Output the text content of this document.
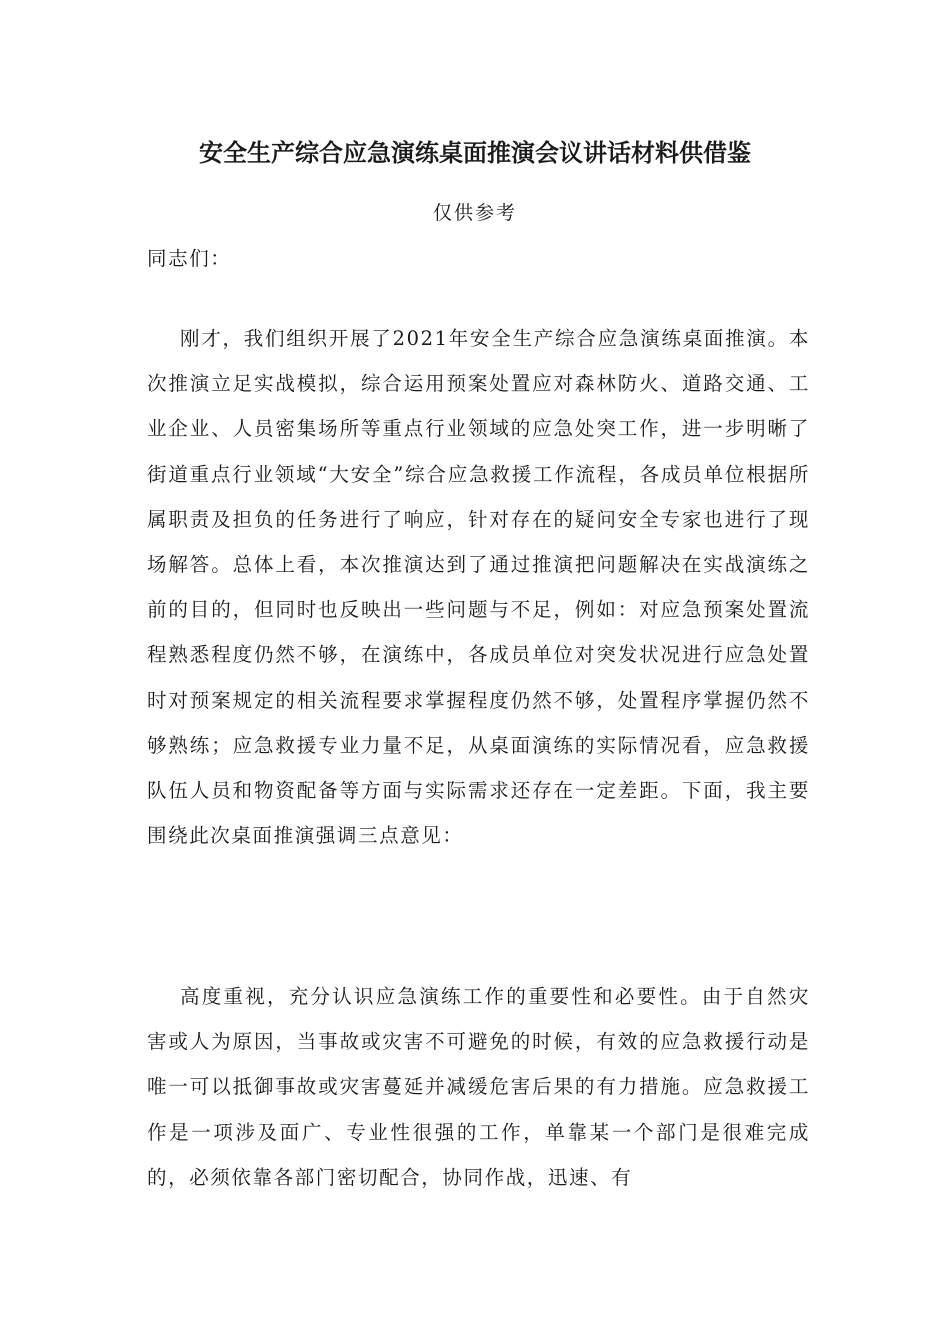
安全生产综合应急演练桌面推演会议讲话材料供借鉴

仅供参考

同志们：

刚才，我们组织开展了2021年安全生产综合应急演练桌面推演。本次推演立足实战模拟，综合运用预案处置应对森林防火、道路交通、工业企业、人员密集场所等重点行业领域的应急处突工作，进一步明晰了街道重点行业领域“大安全”综合应急救援工作流程，各成员单位根据所属职责及担负的任务进行了响应，针对存在的疑问安全专家也进行了现场解答。总体上看，本次推演达到了通过推演把问题解决在实战演练之前的目的，但同时也反映出一些问题与不足，例如：对应急预案处置流程熟悉程度仍然不够，在演练中，各成员单位对突发状况进行应急处置时对预案规定的相关流程要求掌握程度仍然不够，处置程序掌握仍然不够熟练；应急救援专业力量不足，从桌面演练的实际情况看，应急救援队伍人员和物资配备等方面与实际需求还存在一定差距。下面，我主要围绕此次桌面推演强调三点意见：

高度重视，充分认识应急演练工作的重要性和必要性。由于自然灾害或人为原因，当事故或灾害不可避免的时候，有效的应急救援行动是唯一可以抵御事故或灾害蔓延并减缓危害后果的有力措施。应急救援工作是一项涉及面广、专业性很强的工作，单靠某一个部门是很难完成的，必须依靠各部门密切配合，协同作战，迅速、有
